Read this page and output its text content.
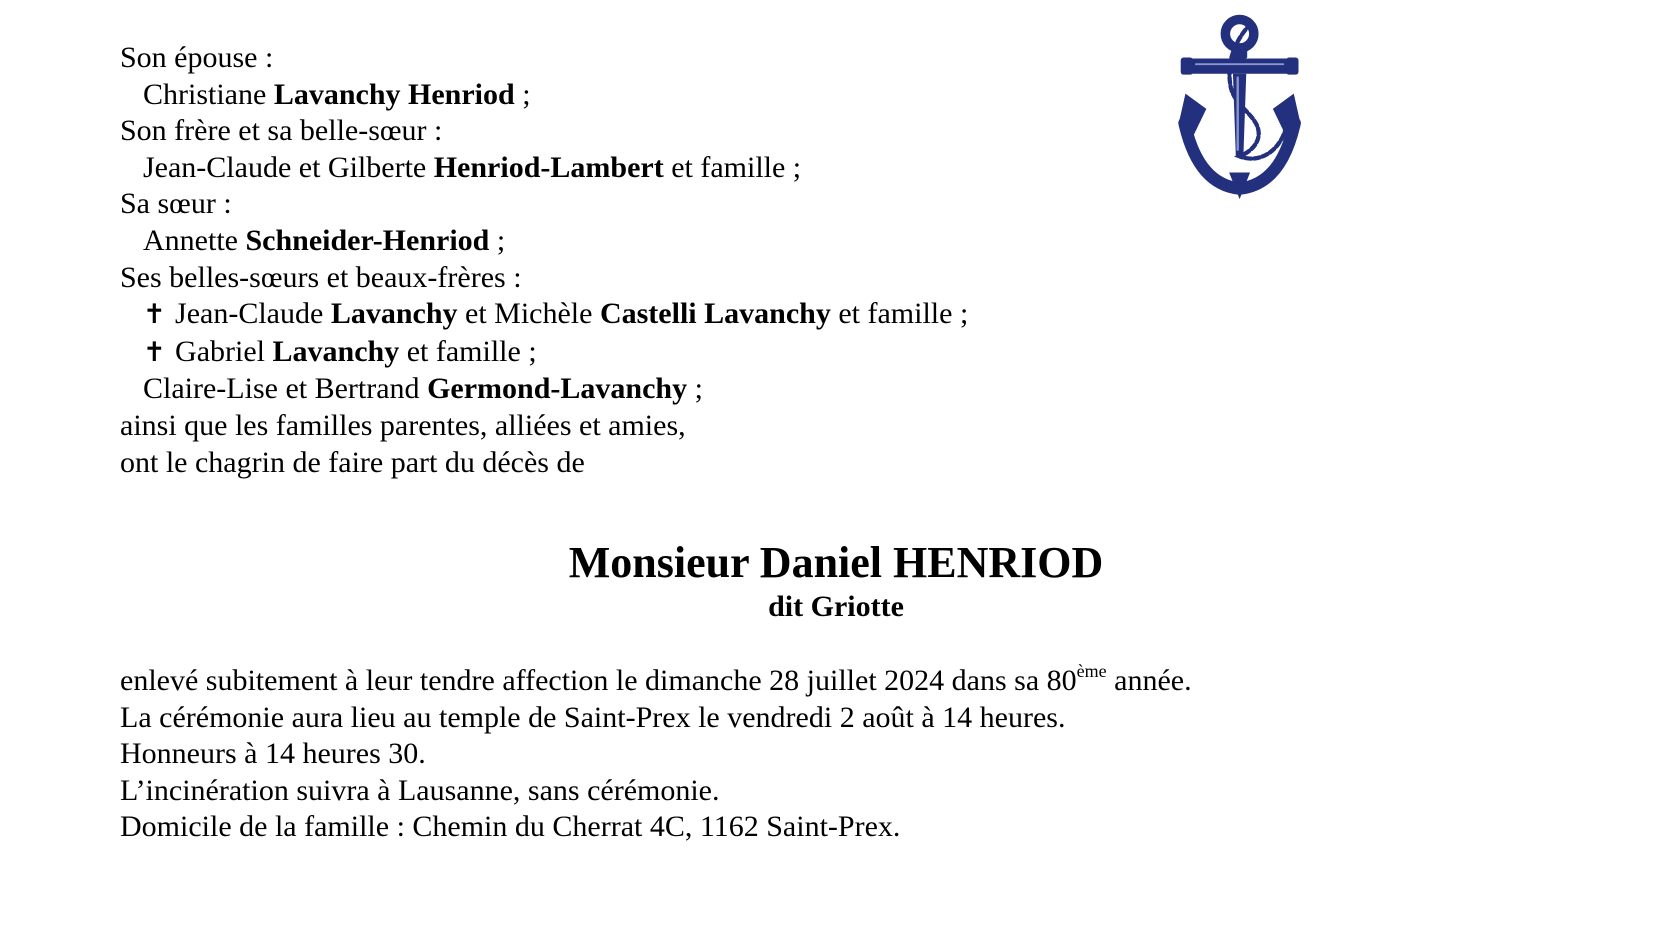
Son épouse :
Christiane Lavanchy Henriod ;
Son frère et sa belle-sœur :
Jean-Claude et Gilberte Henriod-Lambert et famille ;
Sa sœur :
Annette Schneider-Henriod ;
Ses belles-sœurs et beaux-frères :
✝ Jean-Claude Lavanchy et Michèle Castelli Lavanchy et famille ;
✝ Gabriel Lavanchy et famille ;
Claire-Lise et Bertrand Germond-Lavanchy ;
ainsi que les familles parentes, alliées et amies,
ont le chagrin de faire part du décès de
Monsieur Daniel HENRIOD
dit Griotte
enlevé subitement à leur tendre affection le dimanche 28 juillet 2024 dans sa 80ème année.
La cérémonie aura lieu au temple de Saint-Prex le vendredi 2 août à 14 heures.
Honneurs à 14 heures 30.
L’incinération suivra à Lausanne, sans cérémonie.
Domicile de la famille : Chemin du Cherrat 4C, 1162 Saint-Prex.
